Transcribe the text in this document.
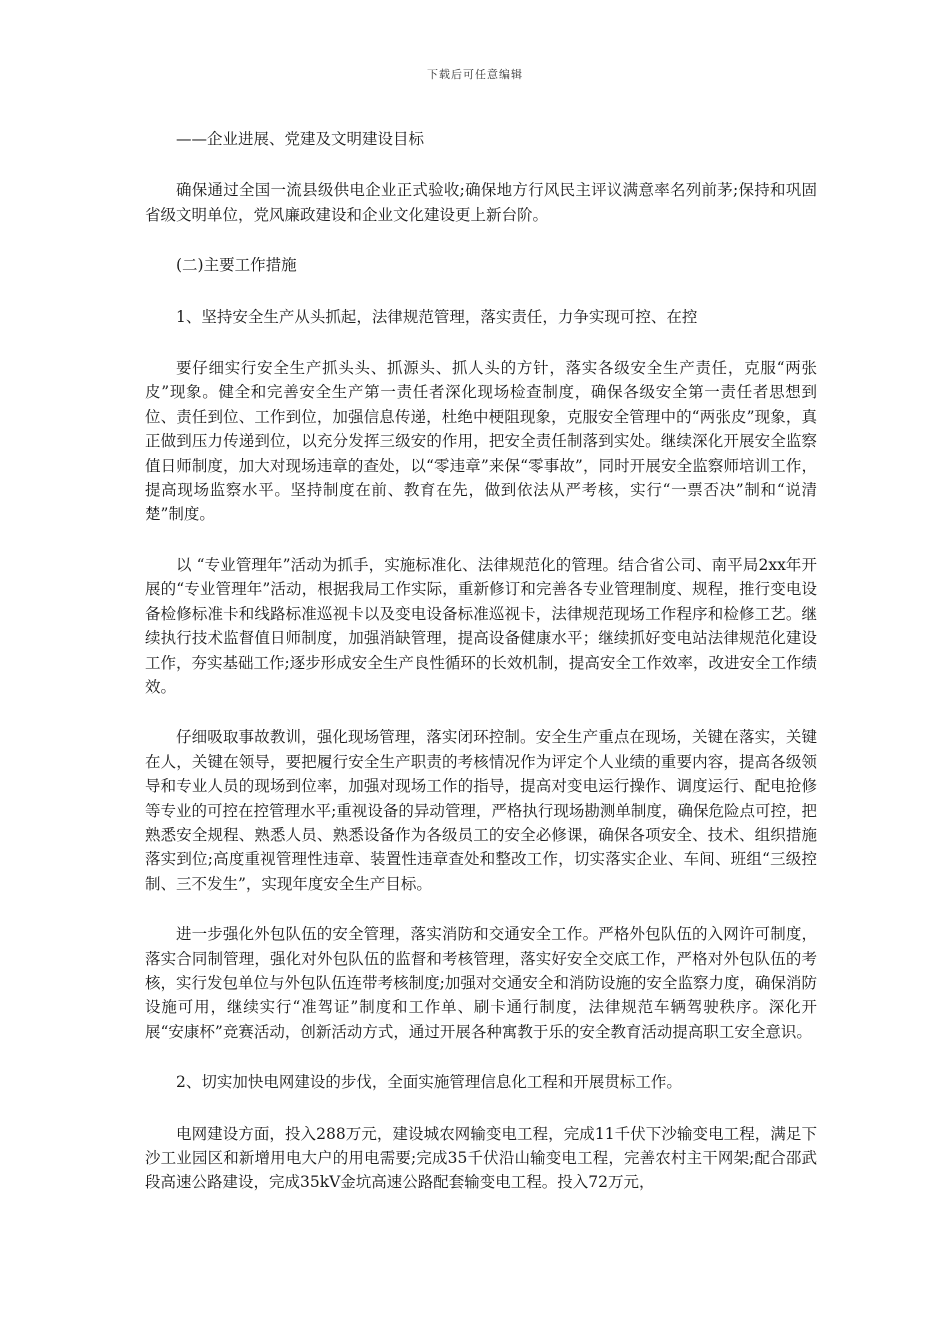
下载后可任意编辑

——企业进展、党建及文明建设目标

确保通过全国一流县级供电企业正式验收;确保地方行风民主评议满意率名列前茅;保持和巩固省级文明单位，党风廉政建设和企业文化建设更上新台阶。

(二)主要工作措施

1、坚持安全生产从头抓起，法律规范管理，落实责任，力争实现可控、在控

要仔细实行安全生产抓头头、抓源头、抓人头的方针，落实各级安全生产责任，克服“两张皮”现象。健全和完善安全生产第一责任者深化现场检查制度，确保各级安全第一责任者思想到位、责任到位、工作到位，加强信息传递，杜绝中梗阻现象，克服安全管理中的“两张皮”现象，真正做到压力传递到位，以充分发挥三级安的作用，把安全责任制落到实处。继续深化开展安全监察值日师制度，加大对现场违章的查处，以“零违章”来保“零事故”，同时开展安全监察师培训工作，提高现场监察水平。坚持制度在前、教育在先，做到依法从严考核，实行“一票否决”制和“说清楚”制度。

以 “专业管理年”活动为抓手，实施标准化、法律规范化的管理。结合省公司、南平局2xx年开展的“专业管理年”活动，根据我局工作实际，重新修订和完善各专业管理制度、规程，推行变电设备检修标准卡和线路标准巡视卡以及变电设备标准巡视卡，法律规范现场工作程序和检修工艺。继续执行技术监督值日师制度，加强消缺管理，提高设备健康水平；继续抓好变电站法律规范化建设工作，夯实基础工作;逐步形成安全生产良性循环的长效机制，提高安全工作效率，改进安全工作绩效。

仔细吸取事故教训，强化现场管理，落实闭环控制。安全生产重点在现场，关键在落实，关键在人，关键在领导，要把履行安全生产职责的考核情况作为评定个人业绩的重要内容，提高各级领导和专业人员的现场到位率，加强对现场工作的指导，提高对变电运行操作、调度运行、配电抢修等专业的可控在控管理水平;重视设备的异动管理，严格执行现场勘测单制度，确保危险点可控，把熟悉安全规程、熟悉人员、熟悉设备作为各级员工的安全必修课，确保各项安全、技术、组织措施落实到位;高度重视管理性违章、装置性违章查处和整改工作，切实落实企业、车间、班组“三级控制、三不发生”，实现年度安全生产目标。

进一步强化外包队伍的安全管理，落实消防和交通安全工作。严格外包队伍的入网许可制度，落实合同制管理，强化对外包队伍的监督和考核管理，落实好安全交底工作，严格对外包队伍的考核，实行发包单位与外包队伍连带考核制度;加强对交通安全和消防设施的安全监察力度，确保消防设施可用，继续实行“准驾证”制度和工作单、刷卡通行制度，法律规范车辆驾驶秩序。深化开展“安康杯”竞赛活动，创新活动方式，通过开展各种寓教于乐的安全教育活动提高职工安全意识。

2、切实加快电网建设的步伐，全面实施管理信息化工程和开展贯标工作。

电网建设方面，投入288万元，建设城农网输变电工程，完成11千伏下沙输变电工程，满足下沙工业园区和新增用电大户的用电需要;完成35千伏沿山输变电工程，完善农村主干网架;配合邵武段高速公路建设，完成35kV金坑高速公路配套输变电工程。投入72万元，
